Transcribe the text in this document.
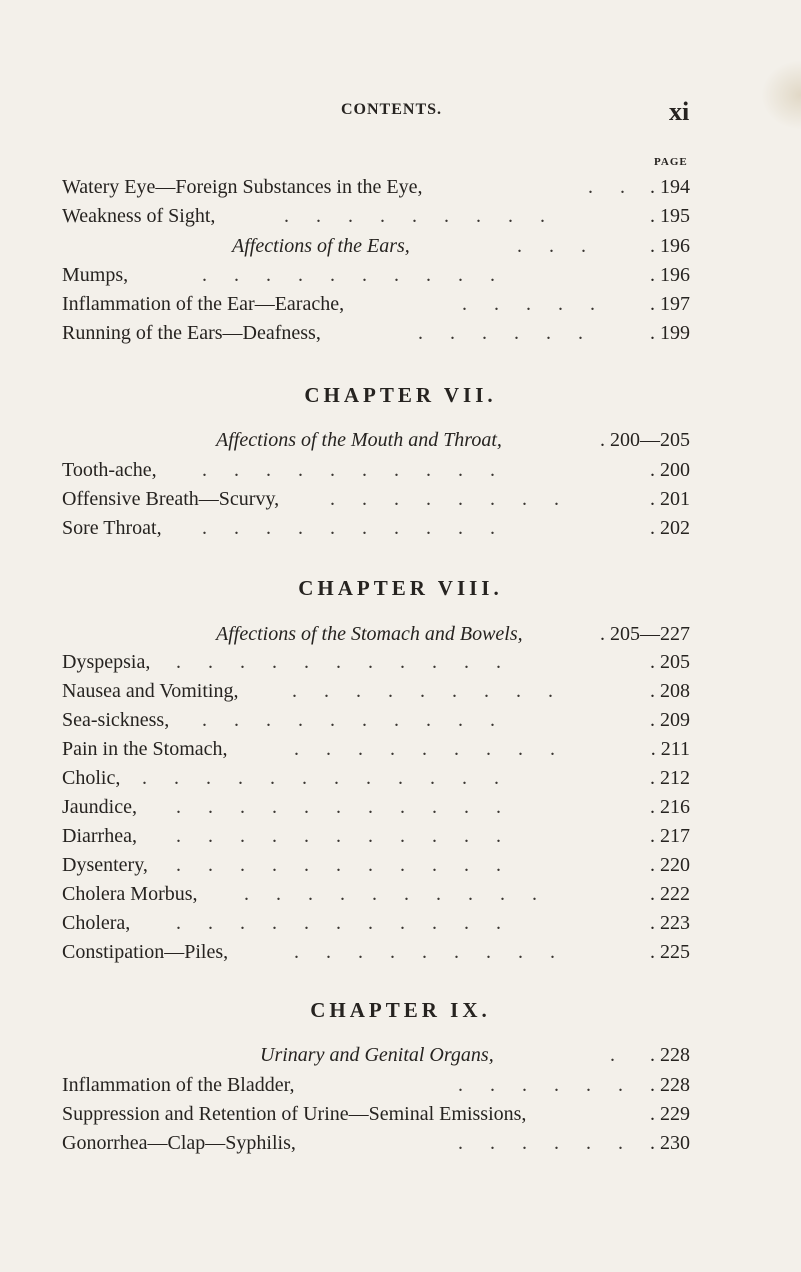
CONTENTS.	xi
PAGE
Watery Eye—Foreign Substances in the Eye,	. . . 194
Weakness of Sight,	. . . . . . . . .	. 195
Affections of the Ears,	. . .	. 196
Mumps,	. . . . . . . . . .	. 196
Inflammation of the Ear—Earache,	. . . . .	. 197
Running of the Ears—Deafness,	. . . . . .	. 199
CHAPTER VII.
Affections of the Mouth and Throat,	. 200—205
Tooth-ache, . . . . . . . . . .	. 200
Offensive Breath—Scurvy,	. . . . . . . .	. 201
Sore Throat, . . . . . . . . . .	. 202
CHAPTER VIII.
Affections of the Stomach and Bowels,	. 205—227
Dyspepsia, . . . . . . . . . . .	. 205
Nausea and Vomiting,	. . . . . . . . .	. 208
Sea-sickness, . . . . . . . . . .	. 209
Pain in the Stomach,	. . . . . . . . .	. 211
Cholic, . . . . . . . . . . . .	. 212
Jaundice, . . . . . . . . . . .	. 216
Diarrhea, . . . . . . . . . . .	. 217
Dysentery, . . . . . . . . . . .	. 220
Cholera Morbus, . . . . . . . . . .	. 222
Cholera, . . . . . . . . . . .	. 223
Constipation—Piles,	. . . . . . . . .	. 225
CHAPTER IX.
Urinary and Genital Organs,	.	. 228
Inflammation of the Bladder,	. . . . . . . 228
Suppression and Retention of Urine—Seminal Emissions,	. 229
Gonorrhea—Clap—Syphilis,	. . . . . . . 230
